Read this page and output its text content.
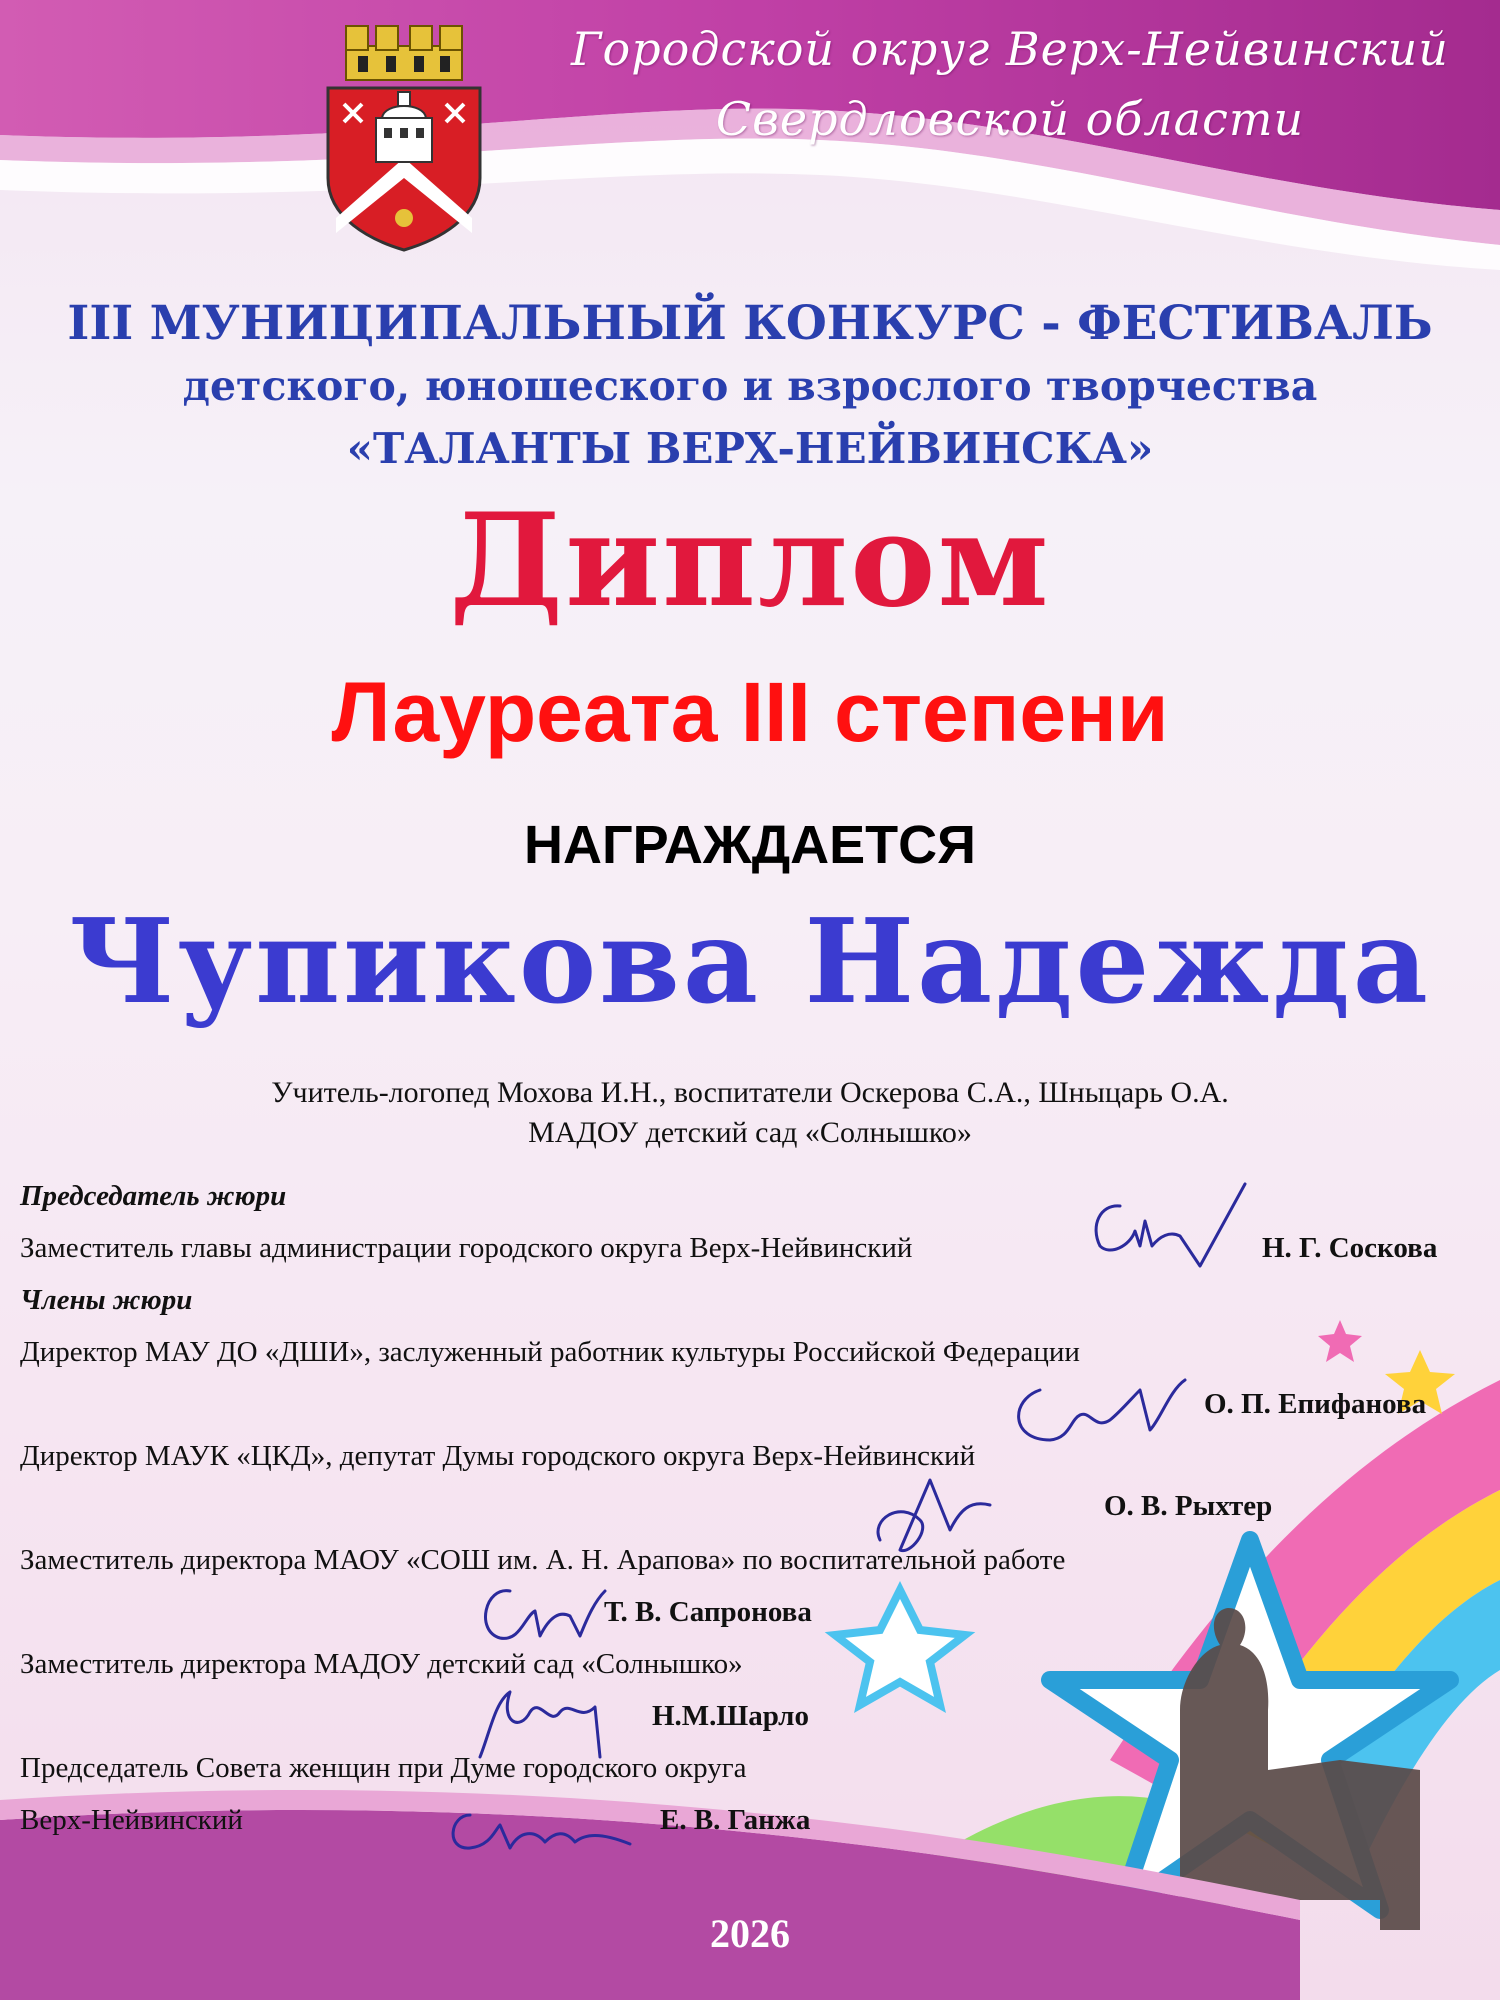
Городской округ Верх-Нейвинский
Свердловской области
III МУНИЦИПАЛЬНЫЙ КОНКУРС - ФЕСТИВАЛЬ
детского, юношеского и взрослого творчества
«ТАЛАНТЫ ВЕРХ-НЕЙВИНСКА»
Диплом
Лауреата III степени
НАГРАЖДАЕТСЯ
Чупикова Надежда
Учитель-логопед Мохова И.Н., воспитатели Оскерова С.А., Шныцарь О.А.
МАДОУ детский сад «Солнышко»
Председатель жюри
Заместитель главы администрации городского округа Верх-Нейвинский	Н. Г. Соскова
Члены жюри
Директор МАУ ДО «ДШИ», заслуженный работник культуры Российской Федерации
О. П. Епифанова
Директор МАУК «ЦКД», депутат Думы городского округа Верх-Нейвинский
О. В. Рыхтер
Заместитель директора МАОУ «СОШ им. А. Н. Арапова» по воспитательной работе
Т. В. Сапронова
Заместитель директора МАДОУ детский сад «Солнышко»
Н.М.Шарло
Председатель Совета женщин при Думе городского округа
Верх-Нейвинский	Е. В. Ганжа
2026
